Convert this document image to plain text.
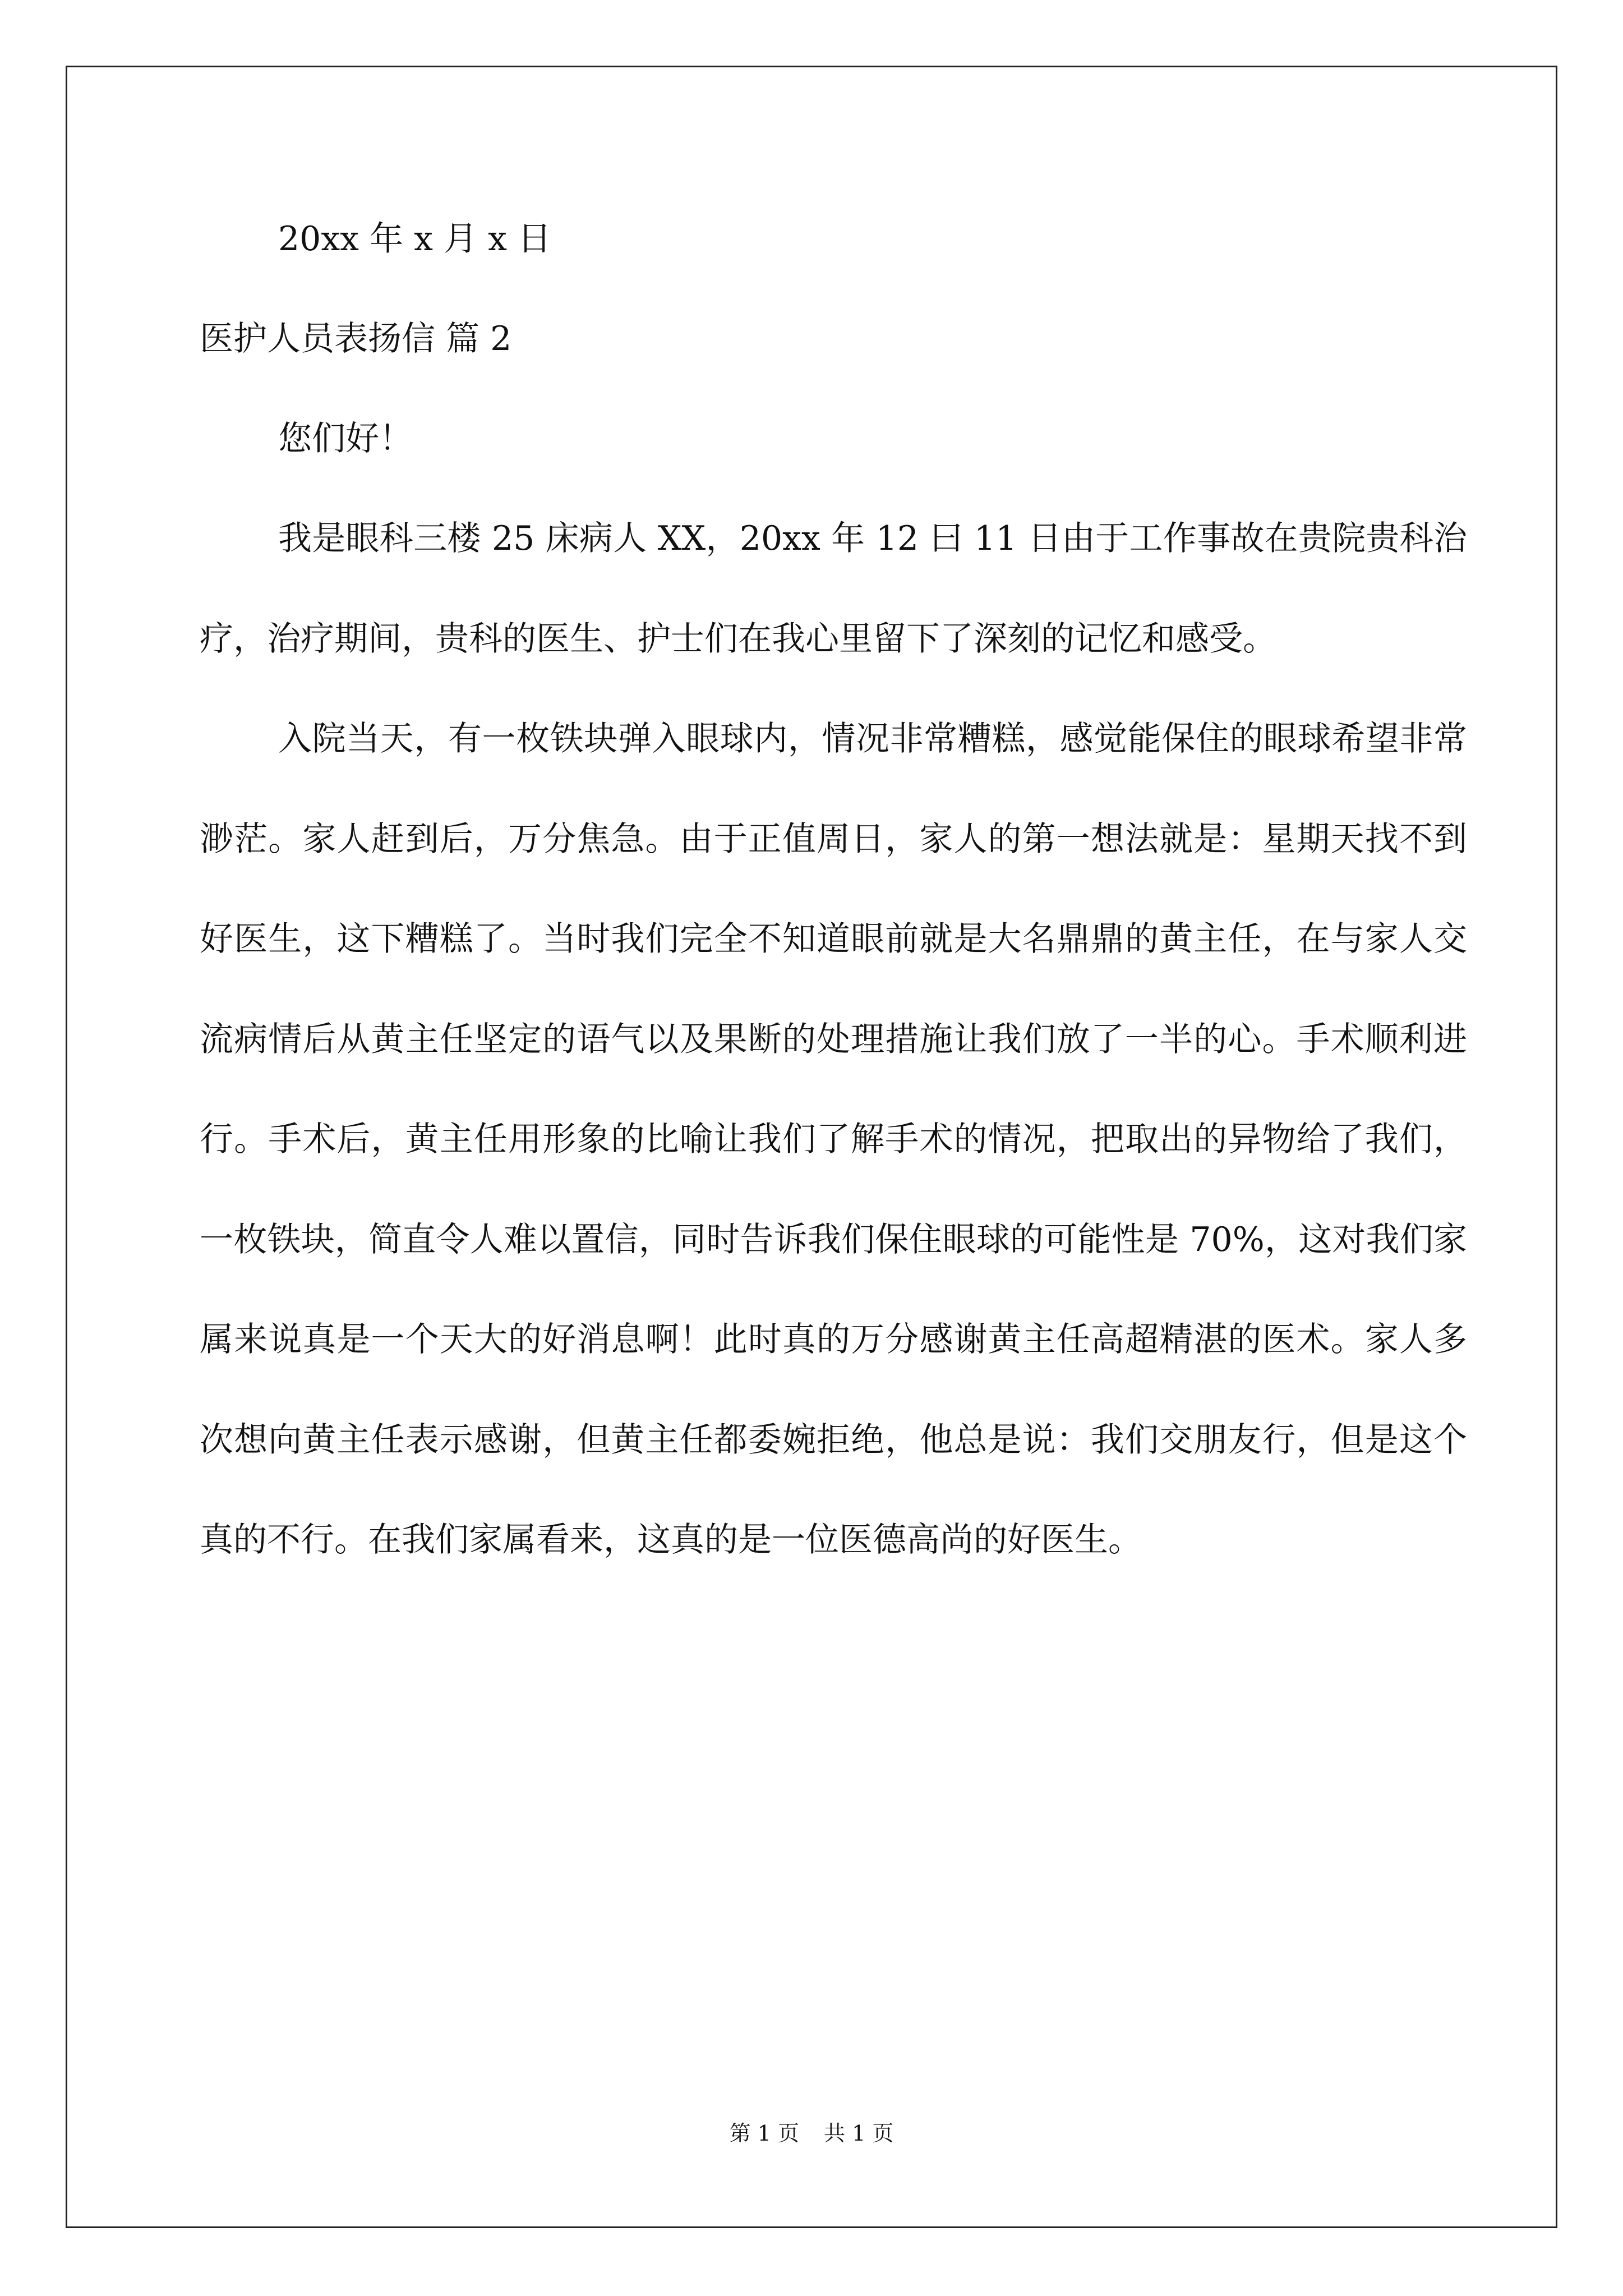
20xx 年 x 月 x 日
医护人员表扬信 篇 2
您们好！

我是眼科三楼 25 床病人 XX，20xx 年 12 曰 11 日由于工作事故在贵院贵科治疗，治疗期间，贵科的医生、护士们在我心里留下了深刻的记忆和感受。

入院当天，有一枚铁块弹入眼球内，情况非常糟糕，感觉能保住的眼球希望非常渺茫。家人赶到后，万分焦急。由于正值周日，家人的第一想法就是：星期天找不到好医生，这下糟糕了。当时我们完全不知道眼前就是大名鼎鼎的黄主任，在与家人交流病情后从黄主任坚定的语气以及果断的处理措施让我们放了一半的心。手术顺利进行。手术后，黄主任用形象的比喻让我们了解手术的情况，把取出的异物给了我们，一枚铁块，简直令人难以置信，同时告诉我们保住眼球的可能性是 70%，这对我们家属来说真是一个天大的好消息啊！此时真的万分感谢黄主任高超精湛的医术。家人多次想向黄主任表示感谢，但黄主任都委婉拒绝，他总是说：我们交朋友行，但是这个真的不行。在我们家属看来，这真的是一位医德高尚的好医生。

第 1 页 共 1 页
